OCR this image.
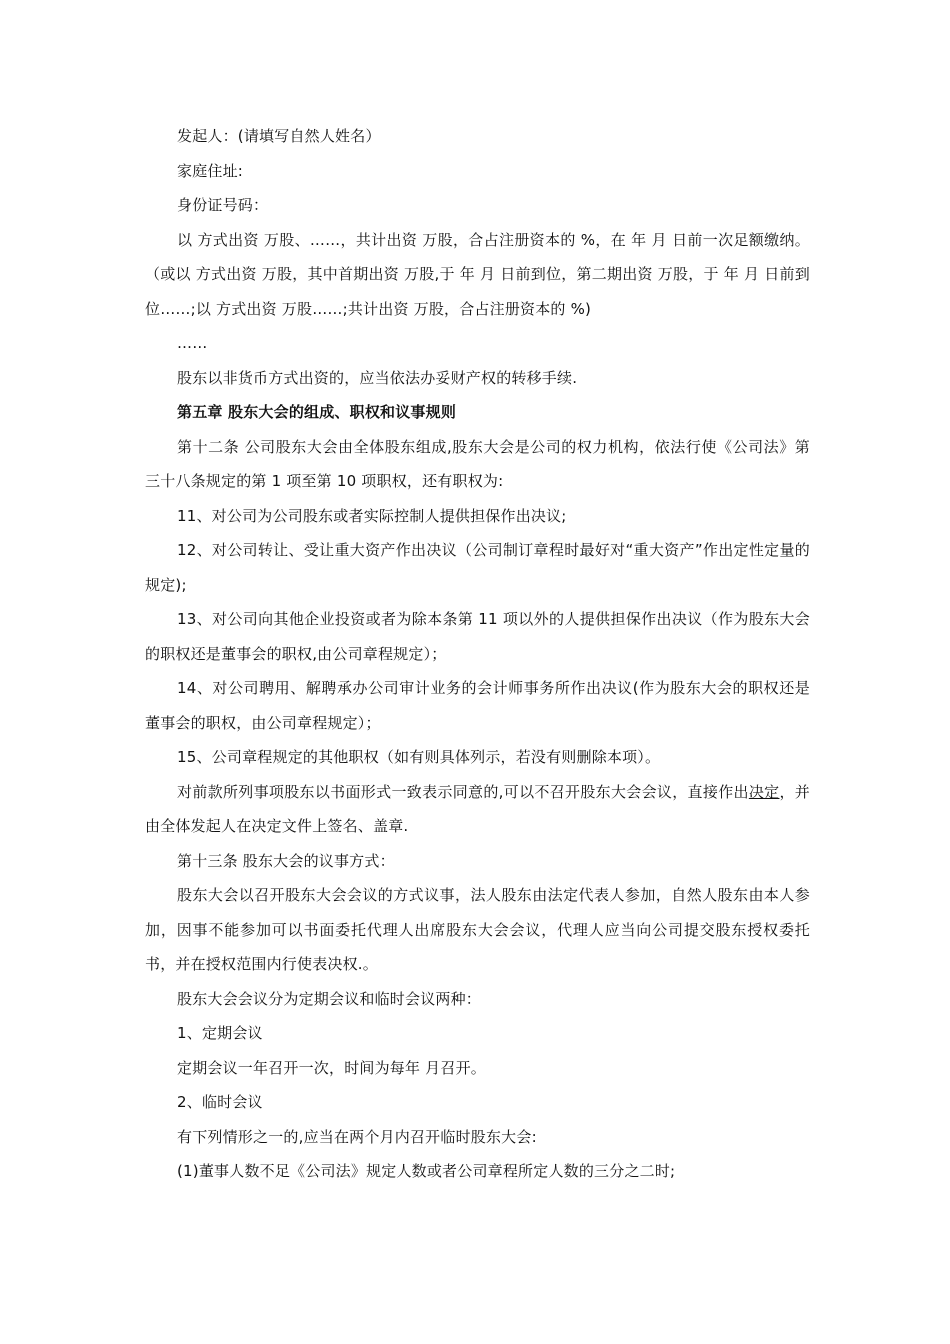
发起人：(请填写自然人姓名）

家庭住址:

身份证号码：

以 方式出资 万股、……，共计出资 万股，合占注册资本的 %，在 年 月 日前一次足额缴纳。（或以 方式出资 万股，其中首期出资 万股,于 年 月 日前到位，第二期出资 万股，于 年 月 日前到位……;以 方式出资 万股……;共计出资 万股，合占注册资本的 %)

……

股东以非货币方式出资的，应当依法办妥财产权的转移手续.

第五章 股东大会的组成、职权和议事规则

第十二条 公司股东大会由全体股东组成,股东大会是公司的权力机构，依法行使《公司法》第三十八条规定的第 1 项至第 10 项职权，还有职权为:

11、对公司为公司股东或者实际控制人提供担保作出决议;

12、对公司转让、受让重大资产作出决议（公司制订章程时最好对“重大资产”作出定性定量的规定);

13、对公司向其他企业投资或者为除本条第 11 项以外的人提供担保作出决议（作为股东大会的职权还是董事会的职权,由公司章程规定）；

14、对公司聘用、解聘承办公司审计业务的会计师事务所作出决议(作为股东大会的职权还是董事会的职权，由公司章程规定）；

15、公司章程规定的其他职权（如有则具体列示，若没有则删除本项）。

对前款所列事项股东以书面形式一致表示同意的,可以不召开股东大会会议，直接作出决定，并由全体发起人在决定文件上签名、盖章.

第十三条 股东大会的议事方式：

股东大会以召开股东大会会议的方式议事，法人股东由法定代表人参加，自然人股东由本人参加，因事不能参加可以书面委托代理人出席股东大会会议，代理人应当向公司提交股东授权委托书，并在授权范围内行使表决权.。

股东大会会议分为定期会议和临时会议两种：

1、定期会议

定期会议一年召开一次，时间为每年 月召开。

2、临时会议

有下列情形之一的,应当在两个月内召开临时股东大会:

(1)董事人数不足《公司法》规定人数或者公司章程所定人数的三分之二时;
